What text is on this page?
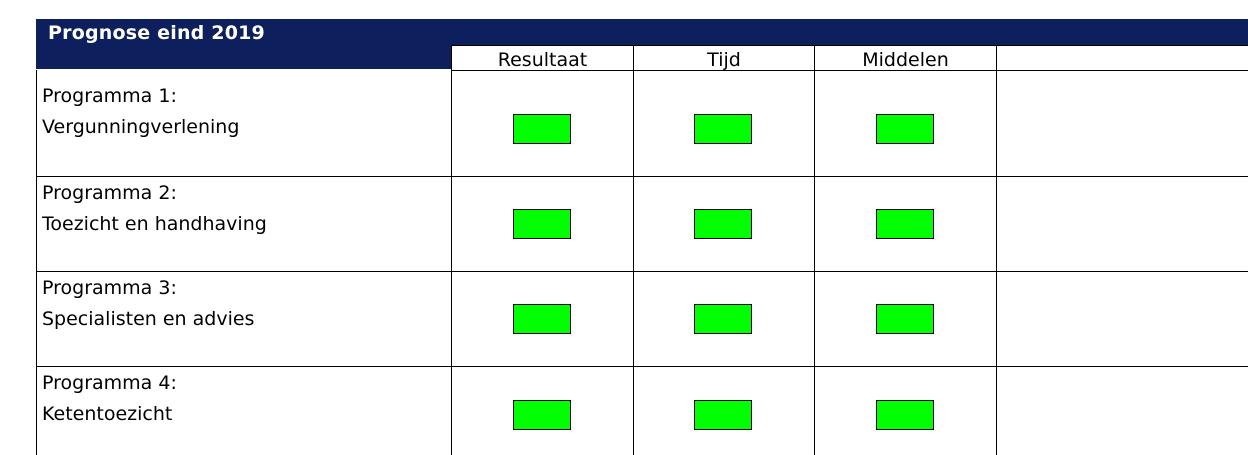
Prognose eind 2019
Resultaat	Tijd	Middelen
Programma 1:
Vergunningverlening
Programma 2:
Toezicht en handhaving
Programma 3:
Specialisten en advies
Programma 4:
Ketentoezicht
